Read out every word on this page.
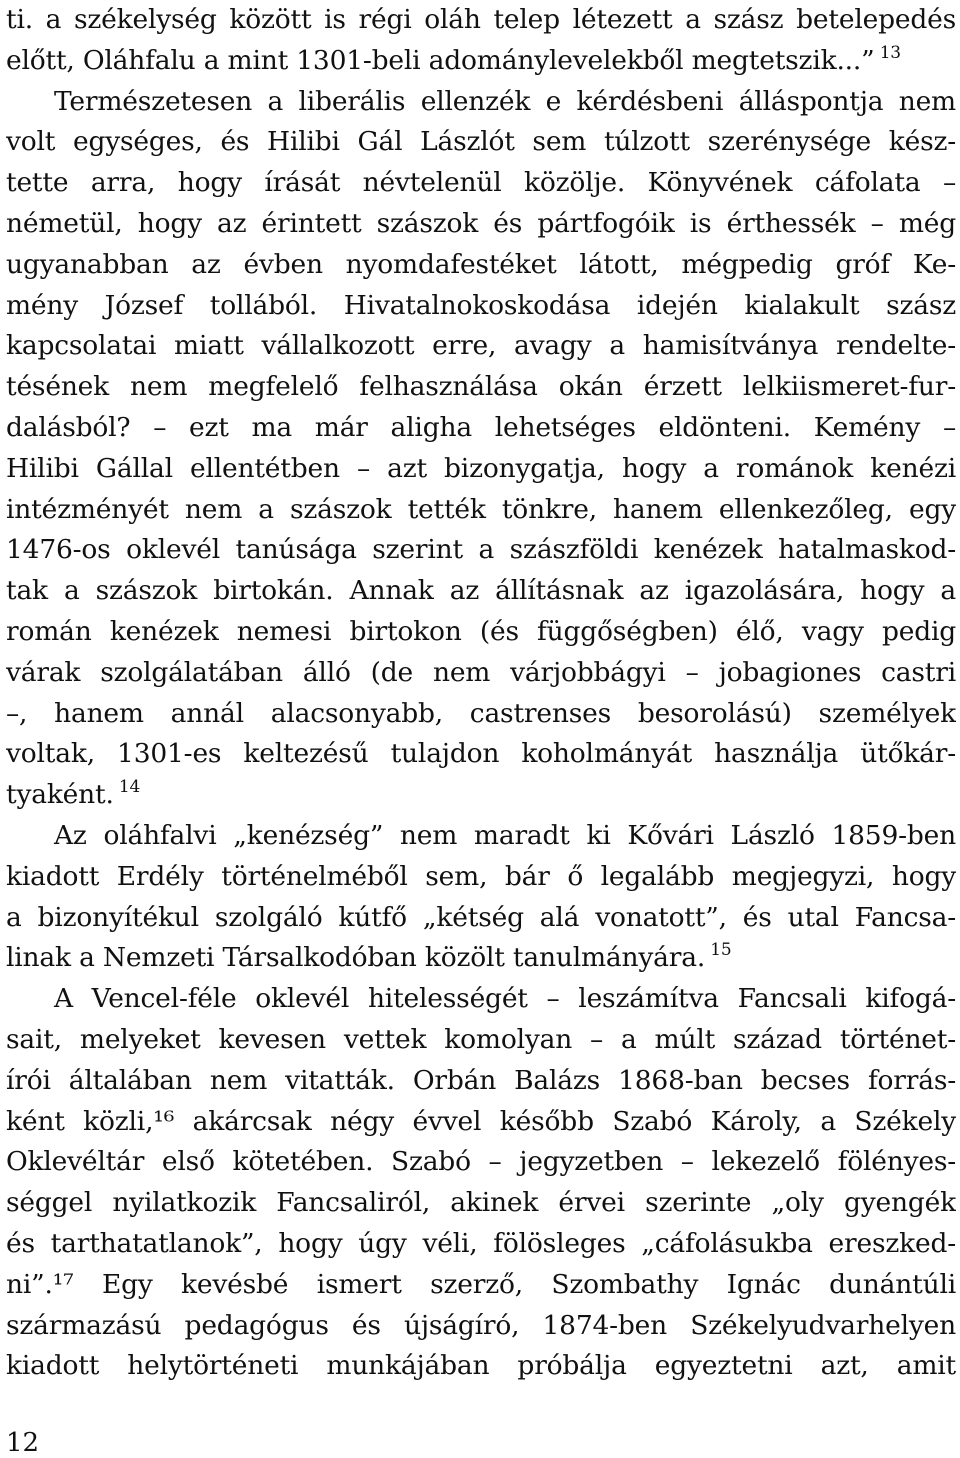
ti. a székelység között is régi oláh telep létezett a szász betelepedés
előtt, Oláhfalu a mint 1301-beli adománylevelekből megtetszik...” $^{13}$
Természetesen a liberális ellenzék e kérdésbeni álláspontja nem
volt egységes, és Hilibi Gál Lászlót sem túlzott szerénysége kész-
tette arra, hogy írását névtelenül közölje. Könyvének cáfolata –
németül, hogy az érintett szászok és pártfogóik is érthessék – még
ugyanabban az évben nyomdafestéket látott, mégpedig gróf Ke-
mény József tollából. Hivatalnokoskodása idején kialakult szász
kapcsolatai miatt vállalkozott erre, avagy a hamisítványa rendelte-
tésének nem megfelelő felhasználása okán érzett lelkiismeret-fur-
dalásból? – ezt ma már aligha lehetséges eldönteni. Kemény –
Hilibi Gállal ellentétben – azt bizonygatja, hogy a románok kenézi
intézményét nem a szászok tették tönkre, hanem ellenkezőleg, egy
1476-os oklevél tanúsága szerint a szászföldi kenézek hatalmaskod-
tak a szászok birtokán. Annak az állításnak az igazolására, hogy a
román kenézek nemesi birtokon (és függőségben) élő, vagy pedig
várak szolgálatában álló (de nem várjobbágyi – jobagiones castri
–, hanem annál alacsonyabb, castrenses besorolású) személyek
voltak, 1301-es keltezésű tulajdon koholmányát használja ütőkár-
tyaként. $^{14}$
Az oláhfalvi „kenézség” nem maradt ki Kővári László 1859-ben
kiadott Erdély történelméből sem, bár ő legalább megjegyzi, hogy
a bizonyítékul szolgáló kútfő „kétség alá vonatott”, és utal Fancsa-
linak a Nemzeti Társalkodóban közölt tanulmányára. $^{15}$
A Vencel-féle oklevél hitelességét – leszámítva Fancsali kifogá-
sait, melyeket kevesen vettek komolyan – a múlt század történet-
írói általában nem vitatták. Orbán Balázs 1868-ban becses forrás-
ként közli,¹⁶ akárcsak négy évvel később Szabó Károly, a Székely
Oklevéltár első kötetében. Szabó – jegyzetben – lekezelő fölényes-
séggel nyilatkozik Fancsaliról, akinek érvei szerinte „oly gyengék
és tarthatatlanok”, hogy úgy véli, fölösleges „cáfolásukba ereszked-
ni”.¹⁷ Egy kevésbé ismert szerző, Szombathy Ignác dunántúli
származású pedagógus és újságíró, 1874-ben Székelyudvarhelyen
kiadott helytörténeti munkájában próbálja egyeztetni azt, amit
12
